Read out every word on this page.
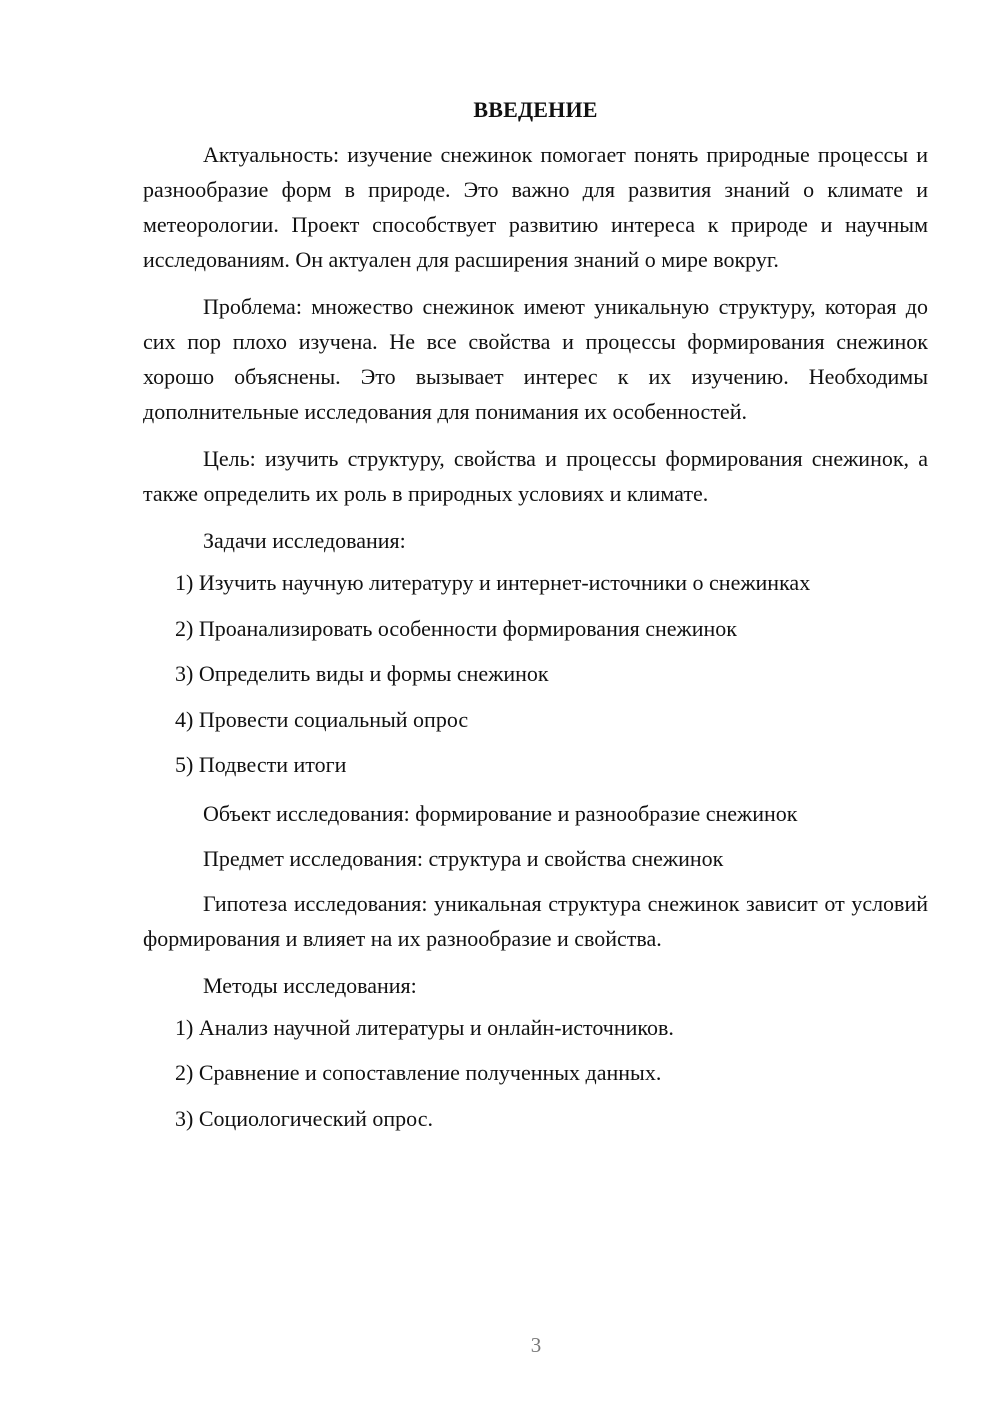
ВВЕДЕНИЕ

Актуальность: изучение снежинок помогает понять природные процессы и разнообразие форм в природе. Это важно для развития знаний о климате и метеорологии. Проект способствует развитию интереса к природе и научным исследованиям. Он актуален для расширения знаний о мире вокруг.

Проблема: множество снежинок имеют уникальную структуру, которая до сих пор плохо изучена. Не все свойства и процессы формирования снежинок хорошо объяснены. Это вызывает интерес к их изучению. Необходимы дополнительные исследования для понимания их особенностей.

Цель: изучить структуру, свойства и процессы формирования снежинок, а также определить их роль в природных условиях и климате.

Задачи исследования:

1) Изучить научную литературу и интернет-источники о снежинках
2) Проанализировать особенности формирования снежинок
3) Определить виды и формы снежинок
4) Провести социальный опрос
5) Подвести итоги

Объект исследования: формирование и разнообразие снежинок

Предмет исследования: структура и свойства снежинок

Гипотеза исследования: уникальная структура снежинок зависит от условий формирования и влияет на их разнообразие и свойства.

Методы исследования:

1) Анализ научной литературы и онлайн-источников.
2) Сравнение и сопоставление полученных данных.
3) Социологический опрос.
3
